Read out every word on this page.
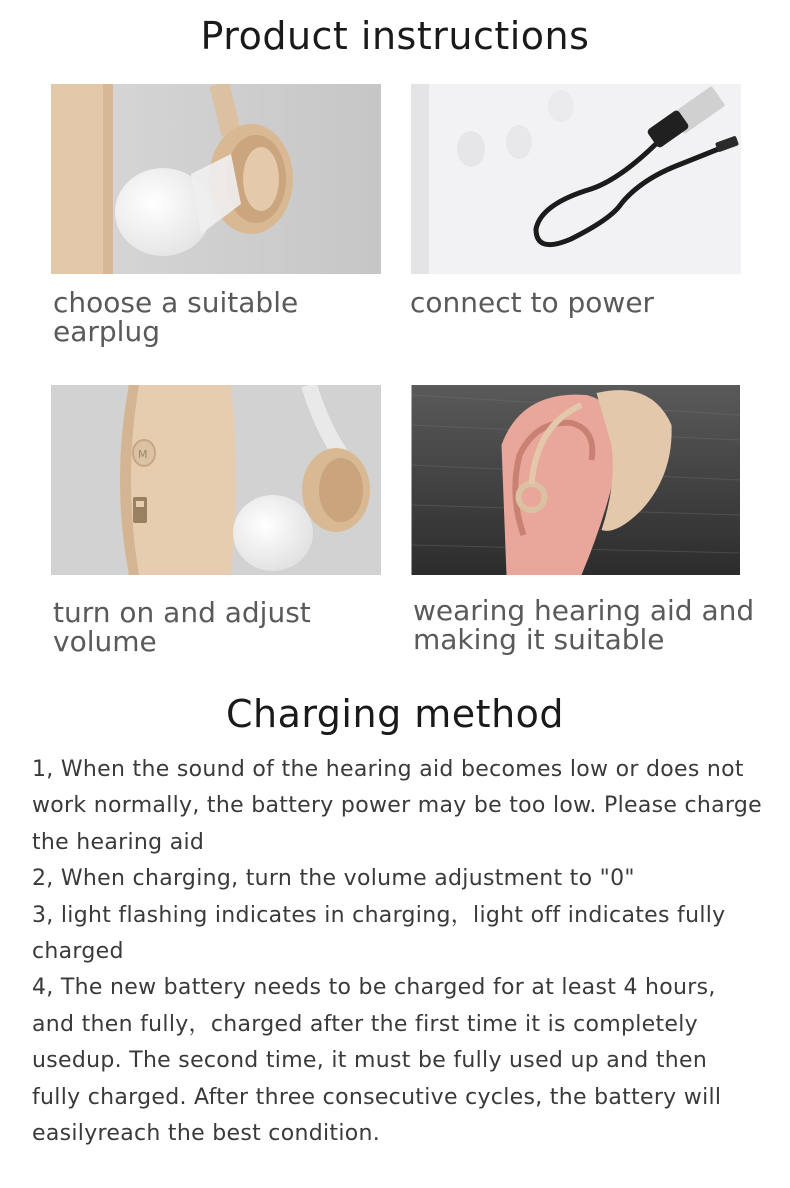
Product instructions

choose a suitable earplug

connect to power

M

turn on and adjust volume

wearing hearing aid and making it suitable

Charging method

1, When the sound of the hearing aid becomes low or does not work normally, the battery power may be too low. Please charge the hearing aid

2, When charging, turn the volume adjustment to "0"

3, light flashing indicates in charging，light off indicates fully charged

4, The new battery needs to be charged for at least 4 hours, and then fully，charged after the first time it is completely usedup. The second time, it must be fully used up and then fully charged. After three consecutive cycles, the battery will easilyreach the best condition.
